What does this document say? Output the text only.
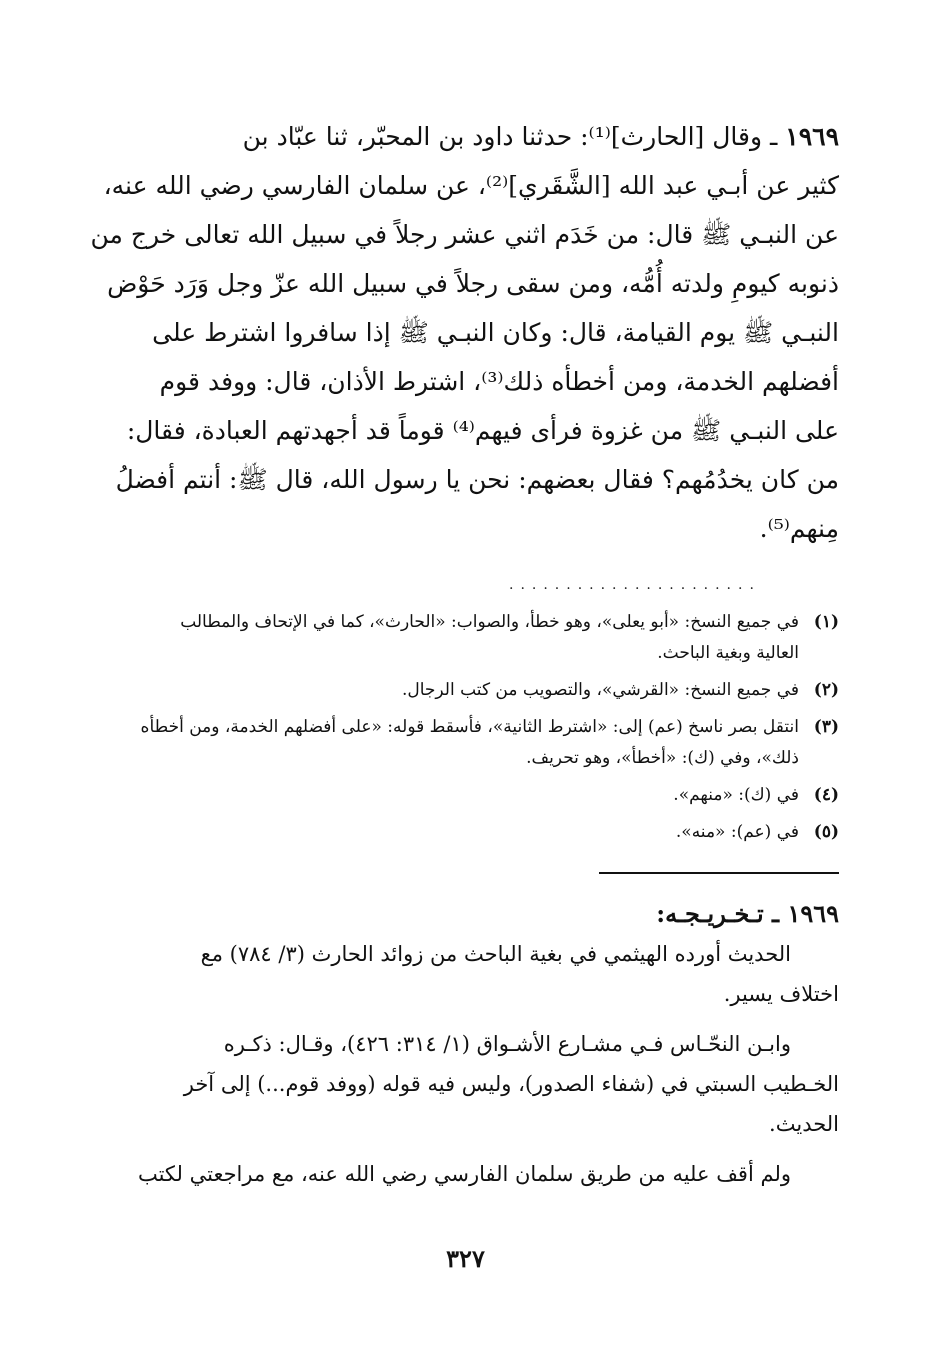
١٩٦٩ ـ وقال [الحارث]⁽¹⁾: حدثنا داود بن المحبّر، ثنا عبّاد بن
كثير عن أبـي عبد الله [الشَّقَري]⁽²⁾، عن سلمان الفارسي رضي الله عنه،
عن النبـي ﷺ قال: من خَدَم اثني عشر رجلاً في سبيل الله تعالى خرج من
ذنوبه كيومِ ولدته أُمُّه، ومن سقى رجلاً في سبيل الله عزّ وجل وَرَد حَوْض
النبـي ﷺ يوم القيامة، قال: وكان النبـي ﷺ إذا سافروا اشترط على
أفضلهم الخدمة، ومن أخطأه ذلك⁽³⁾، اشترط الأذان، قال: ووفد قوم
على النبـي ﷺ من غزوة فرأى فيهم⁽⁴⁾ قوماً قد أجهدتهم العبادة، فقال:
من كان يخدُمُهم؟ فقال بعضهم: نحن يا رسول الله، قال ﷺ: أنتم أفضلُ
مِنهم⁽⁵⁾.
......................
(١)
في جميع النسخ: «أبو يعلى»، وهو خطأ، والصواب: «الحارث»، كما في الإتحاف والمطالب
العالية وبغية الباحث.
(٢)
في جميع النسخ: «القرشي»، والتصويب من كتب الرجال.
(٣)
انتقل بصر ناسخ (عم) إلى: «اشترط الثانية»، فأسقط قوله: «على أفضلهم الخدمة، ومن أخطأه
ذلك»، وفي (ك): «أخطأ»، وهو تحريف.
(٤)
في (ك): «منهم».
(٥)
في (عم): «منه».

١٩٦٩ ـ تـخـريـجـه:

الحديث أورده الهيثمي في بغية الباحث من زوائد الحارث (٣/ ٧٨٤) مع
اختلاف يسير.

وابـن النحّـاس فـي مشـارع الأشـواق (١/ ٣١٤: ٤٢٦)، وقـال: ذكـره
الخـطيب السبتي في (شفاء الصدور)، وليس فيه قوله (ووفد قوم...) إلى آخر
الحديث.

ولم أقف عليه من طريق سلمان الفارسي رضي الله عنه، مع مراجعتي لكتب

٣٢٧
